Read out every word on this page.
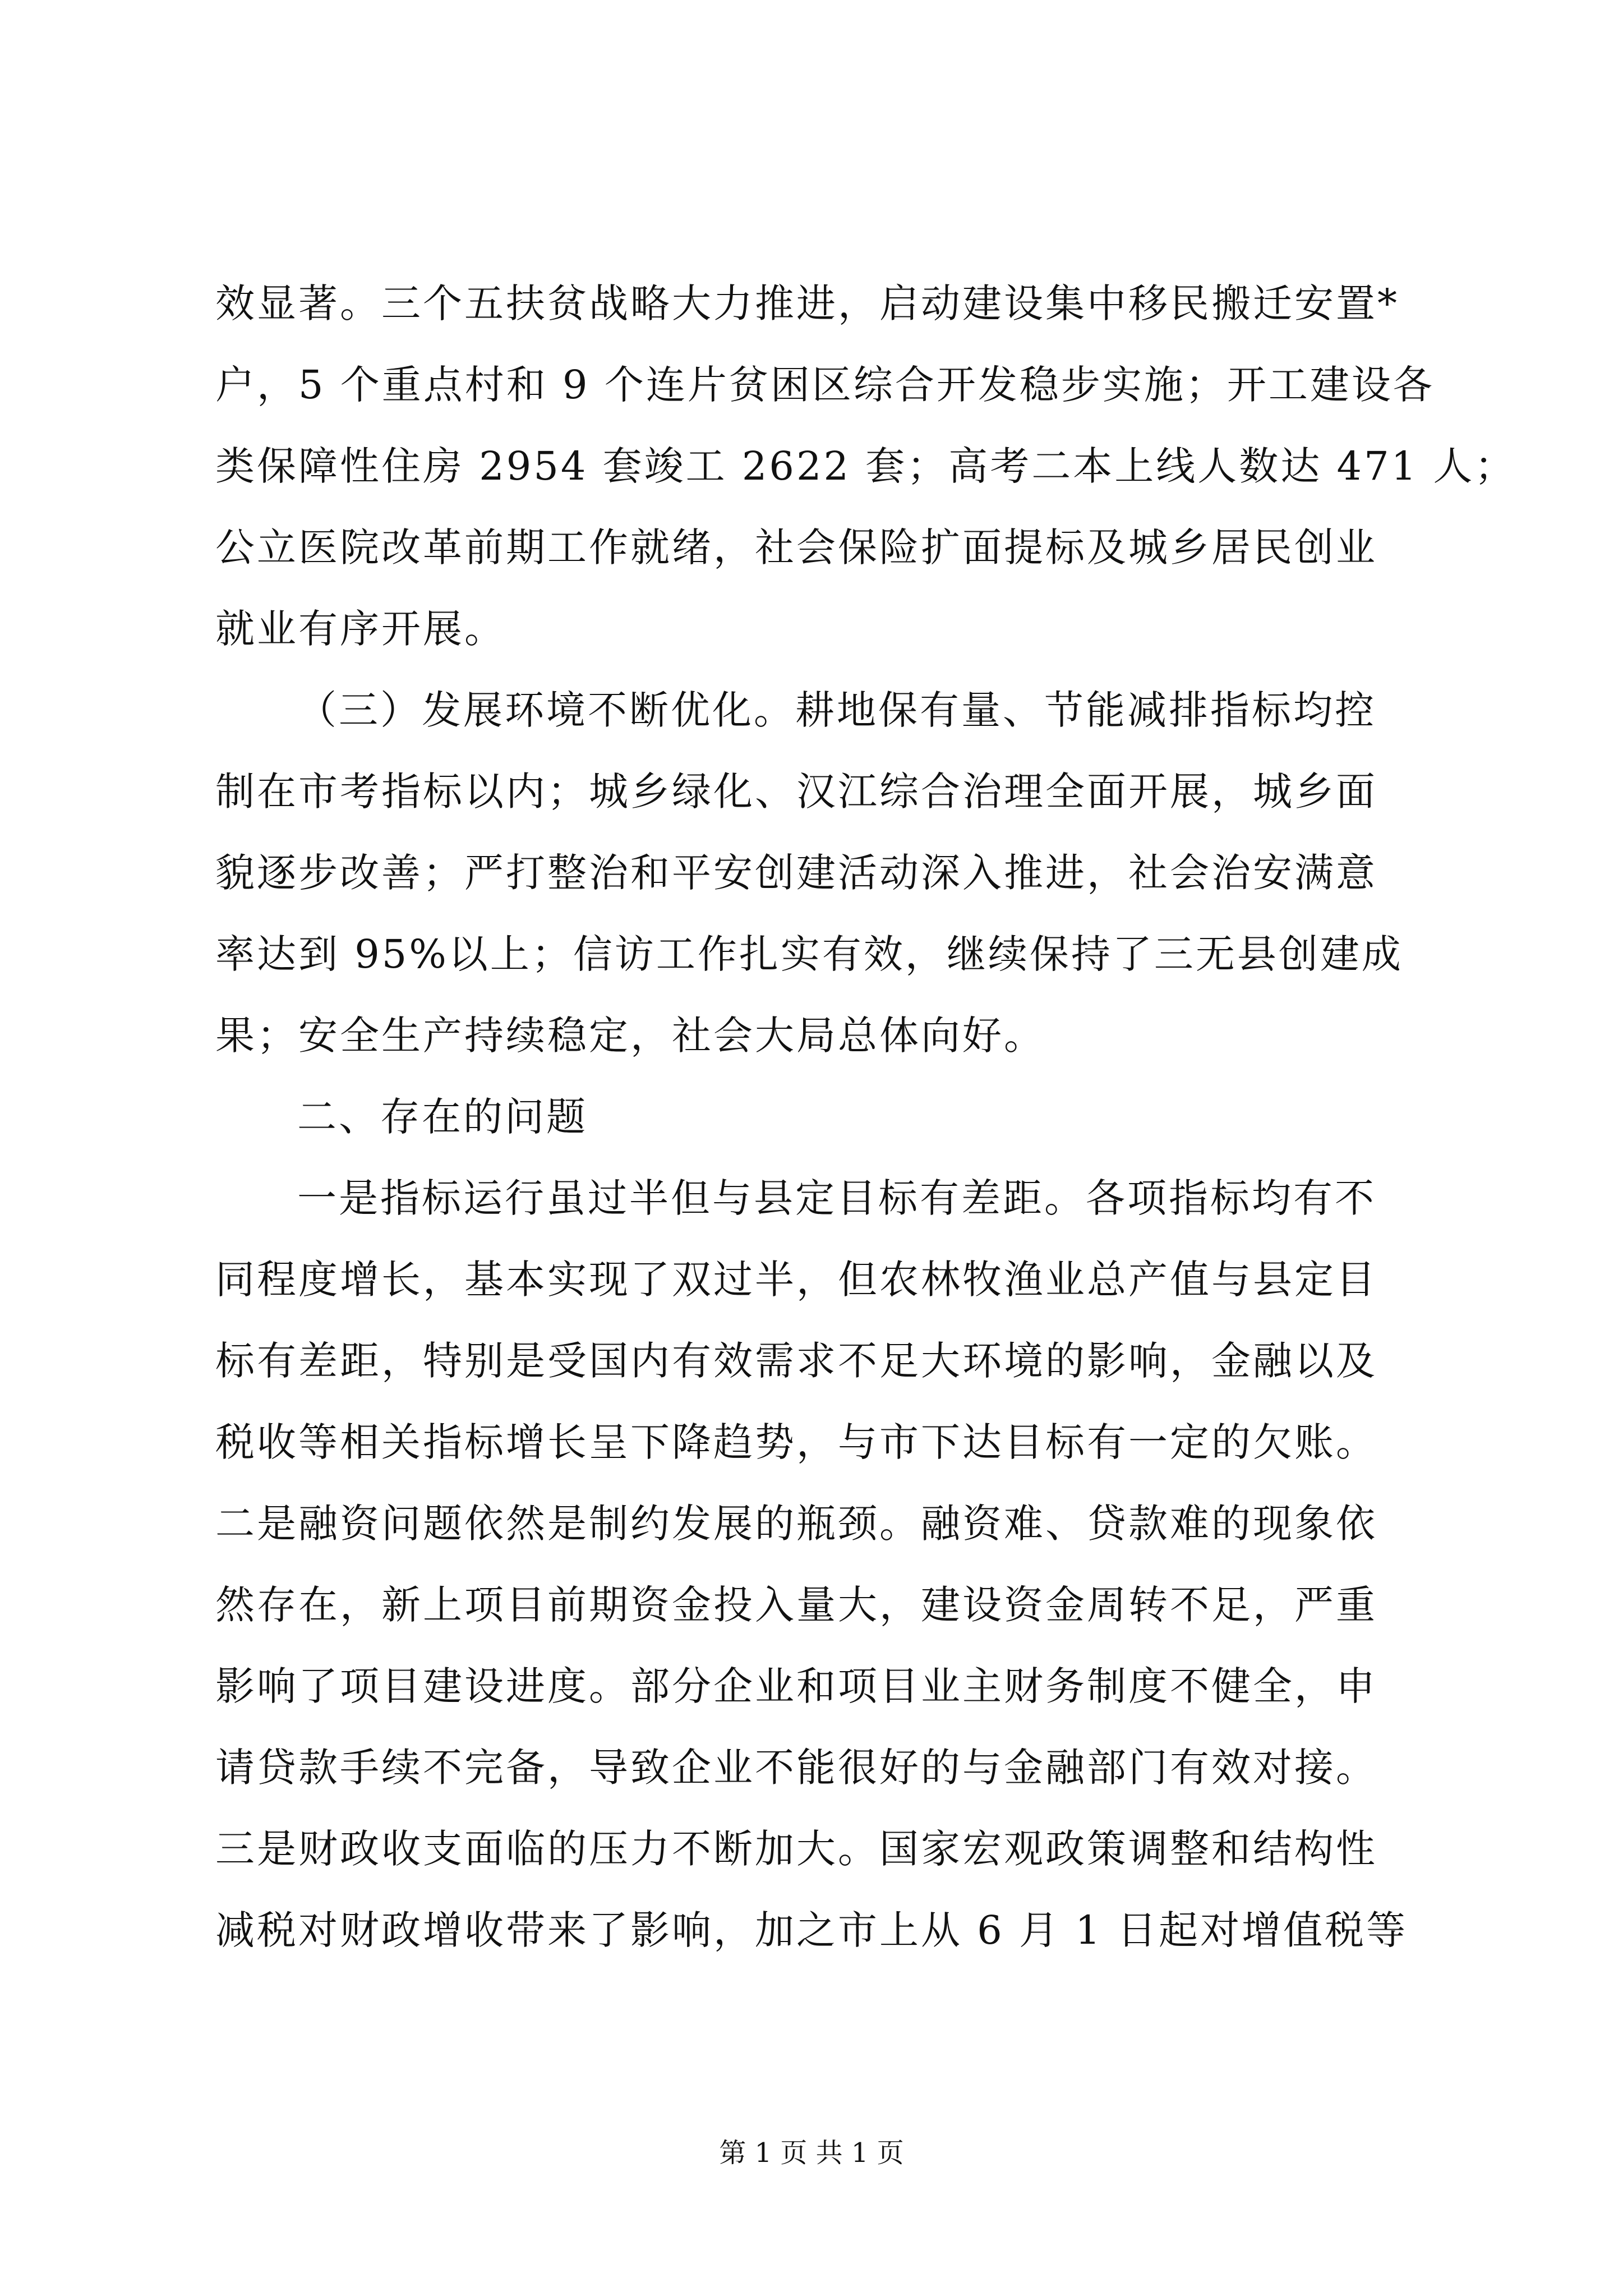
效显著。三个五扶贫战略大力推进，启动建设集中移民搬迁安置*
户，5 个重点村和 9 个连片贫困区综合开发稳步实施；开工建设各
类保障性住房 2954 套竣工 2622 套；高考二本上线人数达 471 人；
公立医院改革前期工作就绪，社会保险扩面提标及城乡居民创业
就业有序开展。
（三）发展环境不断优化。耕地保有量、节能减排指标均控
制在市考指标以内；城乡绿化、汉江综合治理全面开展，城乡面
貌逐步改善；严打整治和平安创建活动深入推进，社会治安满意
率达到 95%以上；信访工作扎实有效，继续保持了三无县创建成
果；安全生产持续稳定，社会大局总体向好。
二、存在的问题
一是指标运行虽过半但与县定目标有差距。各项指标均有不
同程度增长，基本实现了双过半，但农林牧渔业总产值与县定目
标有差距，特别是受国内有效需求不足大环境的影响，金融以及
税收等相关指标增长呈下降趋势，与市下达目标有一定的欠账。
二是融资问题依然是制约发展的瓶颈。融资难、贷款难的现象依
然存在，新上项目前期资金投入量大，建设资金周转不足，严重
影响了项目建设进度。部分企业和项目业主财务制度不健全，申
请贷款手续不完备，导致企业不能很好的与金融部门有效对接。
三是财政收支面临的压力不断加大。国家宏观政策调整和结构性
减税对财政增收带来了影响，加之市上从 6 月 1 日起对增值税等
第 1 页 共 1 页
